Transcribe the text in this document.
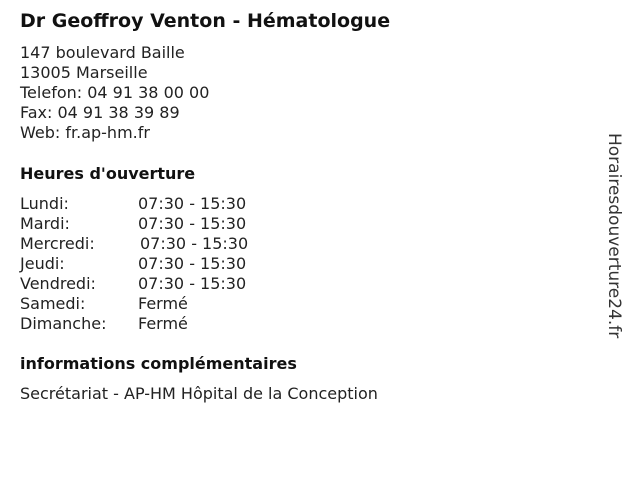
Dr Geoffroy Venton - Hématologue
147 boulevard Baille
13005 Marseille
Telefon: 04 91 38 00 00
Fax: 04 91 38 39 89
Web: fr.ap-hm.fr
Heures d'ouverture
Lundi:	07:30 - 15:30
Mardi:	07:30 - 15:30
Mercredi:	07:30 - 15:30
Jeudi:	07:30 - 15:30
Vendredi:	07:30 - 15:30
Samedi:	Fermé
Dimanche: Fermé
informations complémentaires
Secrétariat - AP-HM Hôpital de la Conception
Horairesdouverture24.fr
